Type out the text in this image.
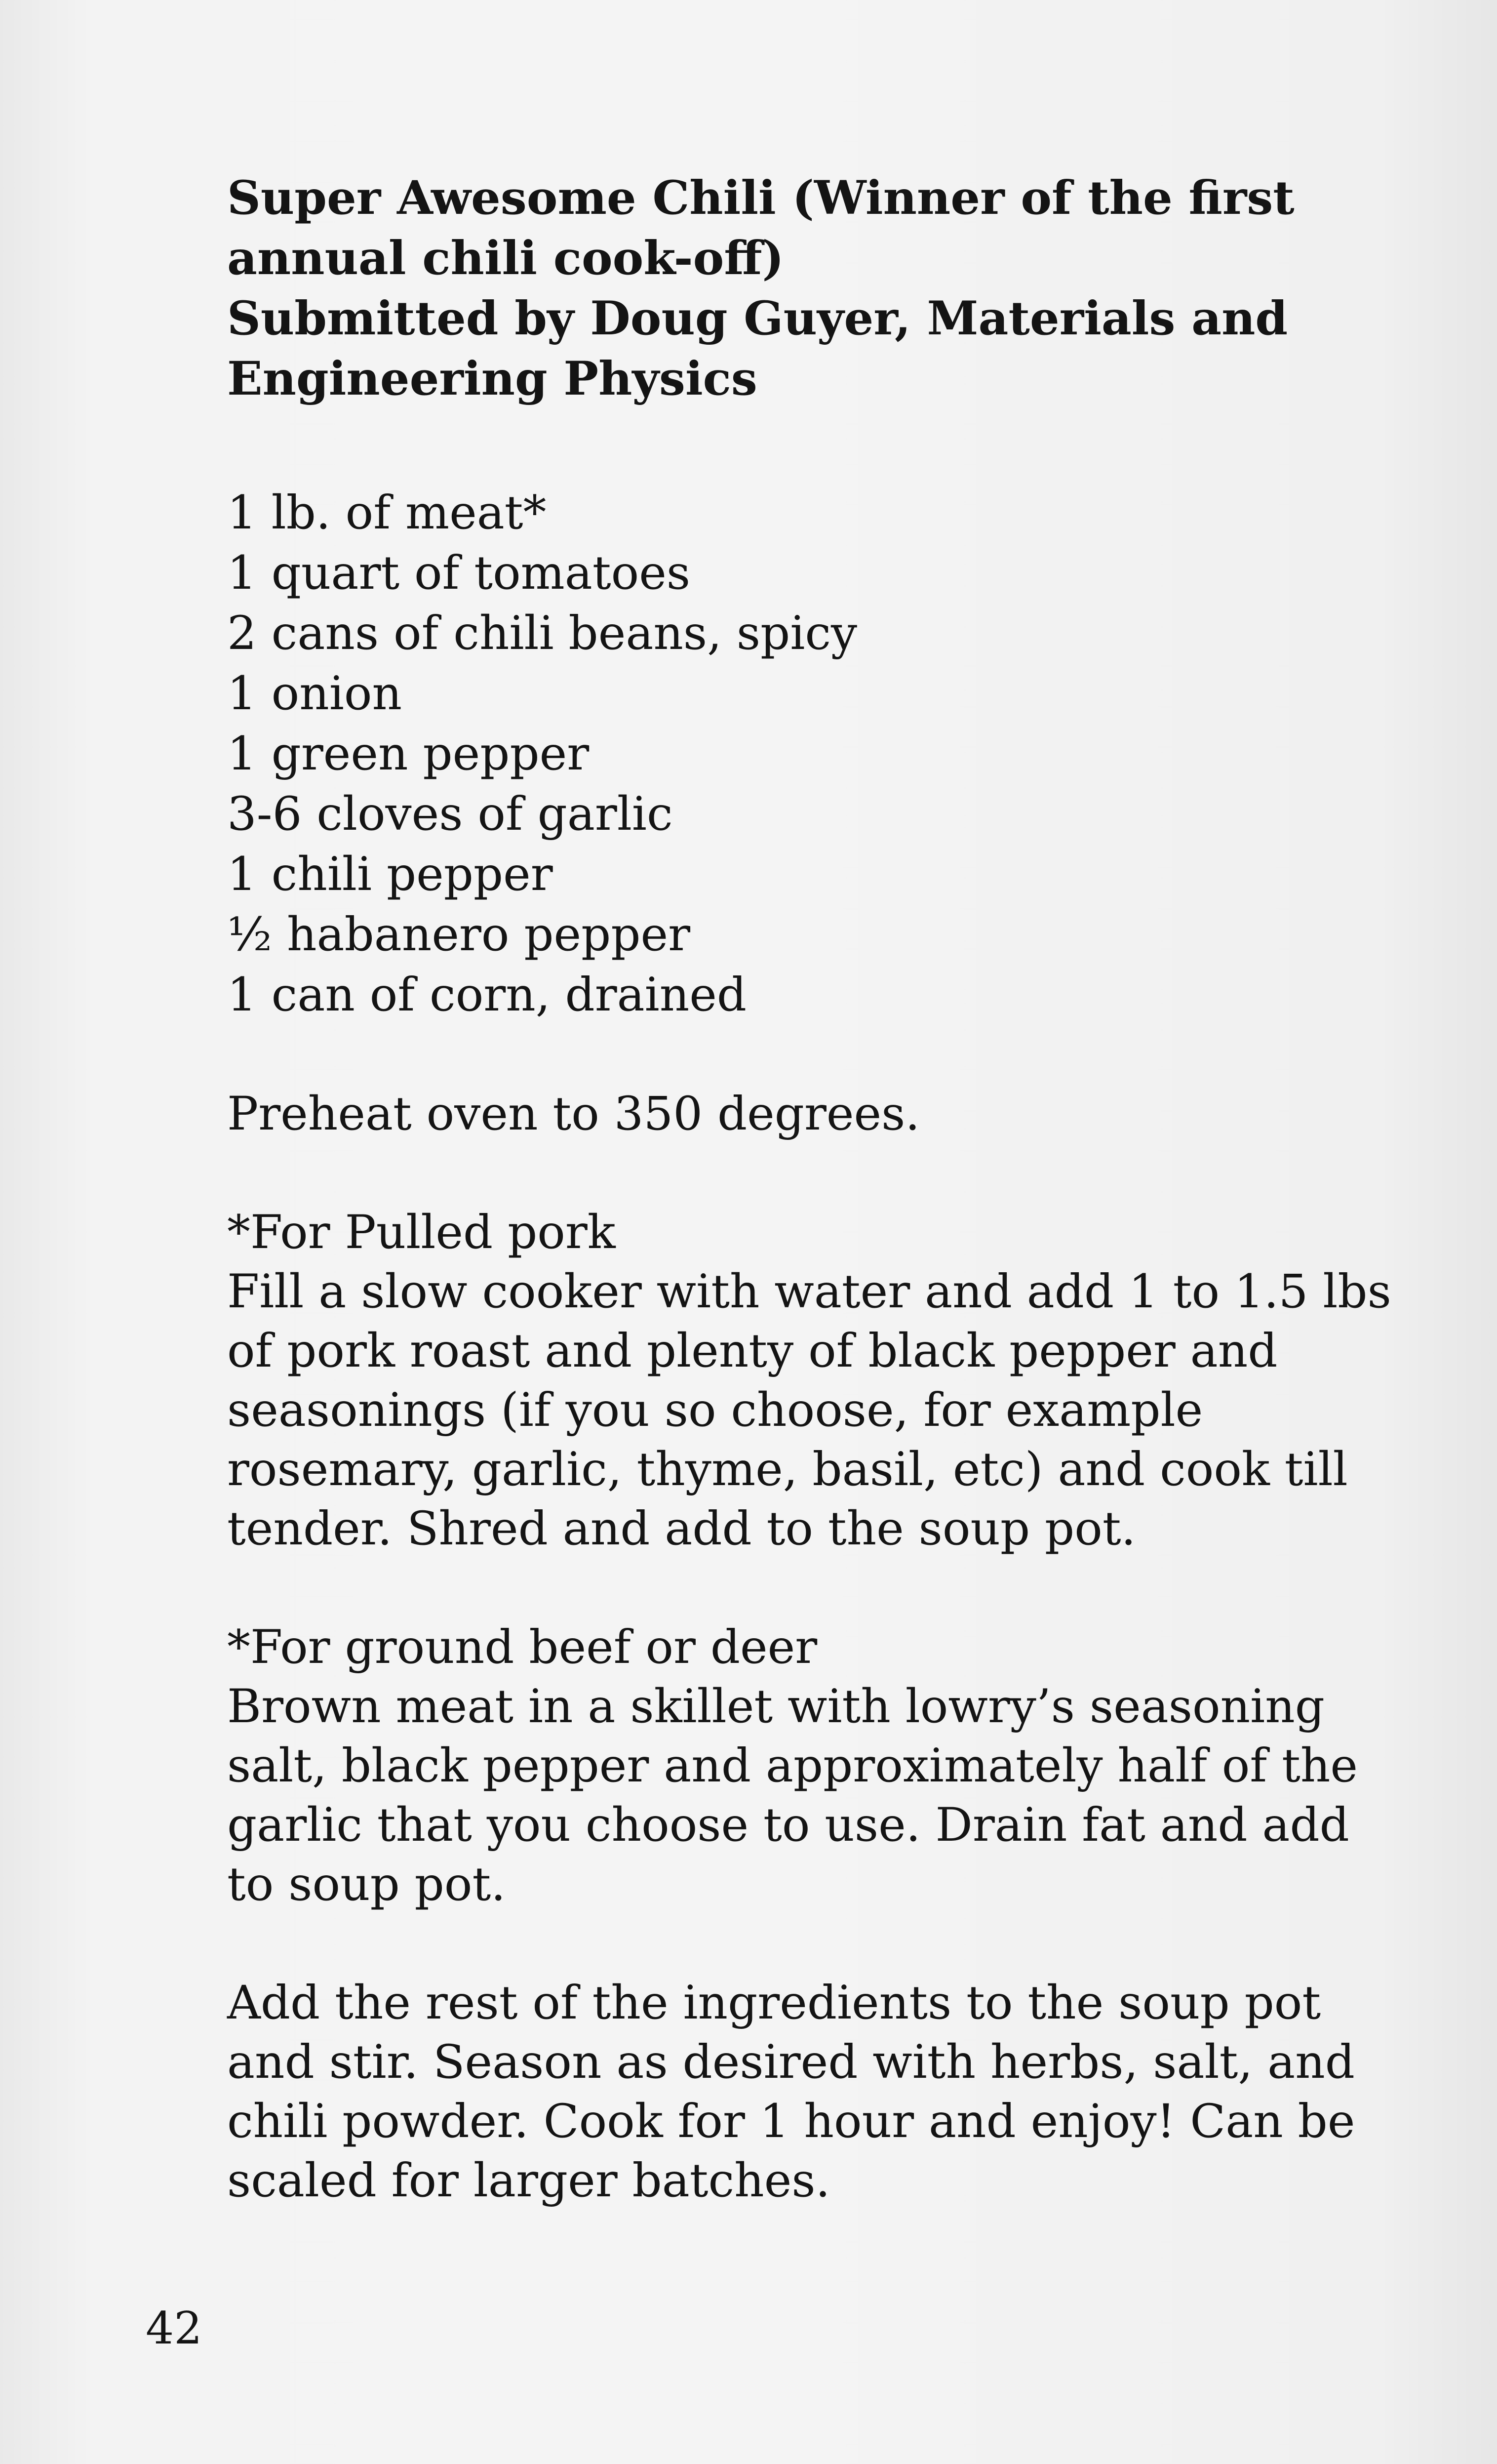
Super Awesome Chili (Winner of the first
annual chili cook-off)
Submitted by Doug Guyer, Materials and
Engineering Physics
1 lb. of meat*
1 quart of tomatoes
2 cans of chili beans, spicy
1 onion
1 green pepper
3-6 cloves of garlic
1 chili pepper
½ habanero pepper
1 can of corn, drained

Preheat oven to 350 degrees.

*For Pulled pork
Fill a slow cooker with water and add 1 to 1.5 lbs
of pork roast and plenty of black pepper and
seasonings (if you so choose, for example
rosemary, garlic, thyme, basil, etc) and cook till
tender. Shred and add to the soup pot.
*For ground beef or deer
Brown meat in a skillet with lowry’s seasoning
salt, black pepper and approximately half of the
garlic that you choose to use. Drain fat and add
to soup pot.
Add the rest of the ingredients to the soup pot
and stir. Season as desired with herbs, salt, and
chili powder. Cook for 1 hour and enjoy! Can be
scaled for larger batches.
42
